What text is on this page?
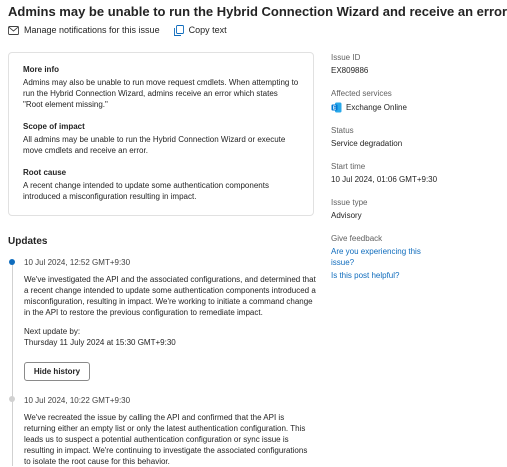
Admins may be unable to run the Hybrid Connection Wizard and receive an error
Manage notifications for this issue	Copy text
More info
Admins may also be unable to run move request cmdlets. When attempting to run the Hybrid Connection Wizard, admins receive an error which states "Root element missing."
Scope of impact
All admins may be unable to run the Hybrid Connection Wizard or execute move cmdlets and receive an error.
Root cause
A recent change intended to update some authentication components introduced a misconfiguration resulting in impact.
Issue ID
EX809886
Affected services
E Exchange Online
Status
Service degradation
Start time
10 Jul 2024, 01:06 GMT+9:30
Issue type
Advisory
Give feedback
Are you experiencing this issue?
Is this post helpful?
Updates
10 Jul 2024, 12:52 GMT+9:30
We've investigated the API and the associated configurations, and determined that a recent change intended to update some authentication components introduced a misconfiguration, resulting in impact. We're working to initiate a command change in the API to restore the previous configuration to remediate impact.
Next update by:
Thursday 11 July 2024 at 15:30 GMT+9:30
Hide history
10 Jul 2024, 10:22 GMT+9:30
We've recreated the issue by calling the API and confirmed that the API is returning either an empty list or only the latest authentication configuration. This leads us to suspect a potential authentication configuration or sync issue is resulting in impact. We're continuing to investigate the associated configurations to isolate the root cause for this behavior.
